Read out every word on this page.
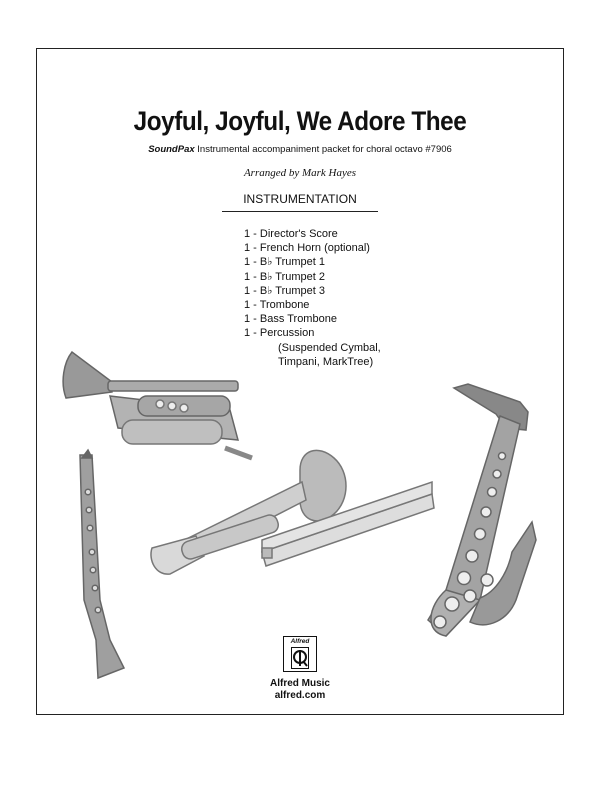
Joyful, Joyful, We Adore Thee
SoundPax Instrumental accompaniment packet for choral octavo #7906
Arranged by Mark Hayes
INSTRUMENTATION
1 - Director's Score
1 - French Horn (optional)
1 - B♭ Trumpet 1
1 - B♭ Trumpet 2
1 - B♭ Trumpet 3
1 - Trombone
1 - Bass Trombone
1 - Percussion
(Suspended Cymbal,
Timpani, MarkTree)
Alfred
Alfred Music
alfred.com
